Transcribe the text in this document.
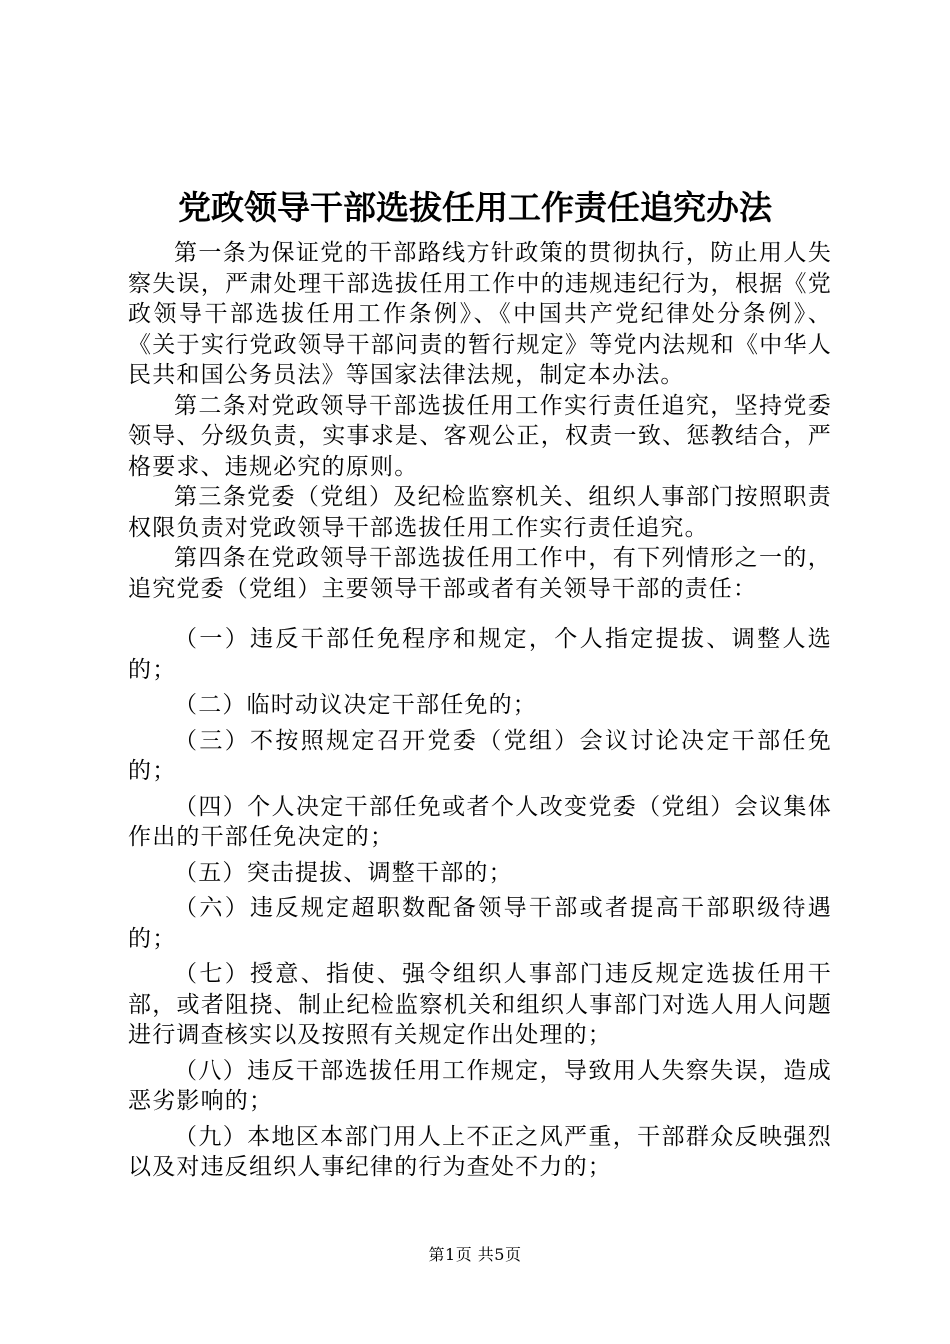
党政领导干部选拔任用工作责任追究办法

第一条为保证党的干部路线方针政策的贯彻执行，防止用人失察失误，严肃处理干部选拔任用工作中的违规违纪行为，根据《党政领导干部选拔任用工作条例》、《中国共产党纪律处分条例》、《关于实行党政领导干部问责的暂行规定》等党内法规和《中华人民共和国公务员法》等国家法律法规，制定本办法。

第二条对党政领导干部选拔任用工作实行责任追究，坚持党委领导、分级负责，实事求是、客观公正，权责一致、惩教结合，严格要求、违规必究的原则。

第三条党委（党组）及纪检监察机关、组织人事部门按照职责权限负责对党政领导干部选拔任用工作实行责任追究。

第四条在党政领导干部选拔任用工作中，有下列情形之一的，追究党委（党组）主要领导干部或者有关领导干部的责任：

（一）违反干部任免程序和规定，个人指定提拔、调整人选的；

（二）临时动议决定干部任免的；

（三）不按照规定召开党委（党组）会议讨论决定干部任免的；

（四）个人决定干部任免或者个人改变党委（党组）会议集体作出的干部任免决定的；

（五）突击提拔、调整干部的；

（六）违反规定超职数配备领导干部或者提高干部职级待遇的；

（七）授意、指使、强令组织人事部门违反规定选拔任用干部，或者阻挠、制止纪检监察机关和组织人事部门对选人用人问题进行调查核实以及按照有关规定作出处理的；

（八）违反干部选拔任用工作规定，导致用人失察失误，造成恶劣影响的；

（九）本地区本部门用人上不正之风严重，干部群众反映强烈以及对违反组织人事纪律的行为查处不力的；

第1页 共5页
